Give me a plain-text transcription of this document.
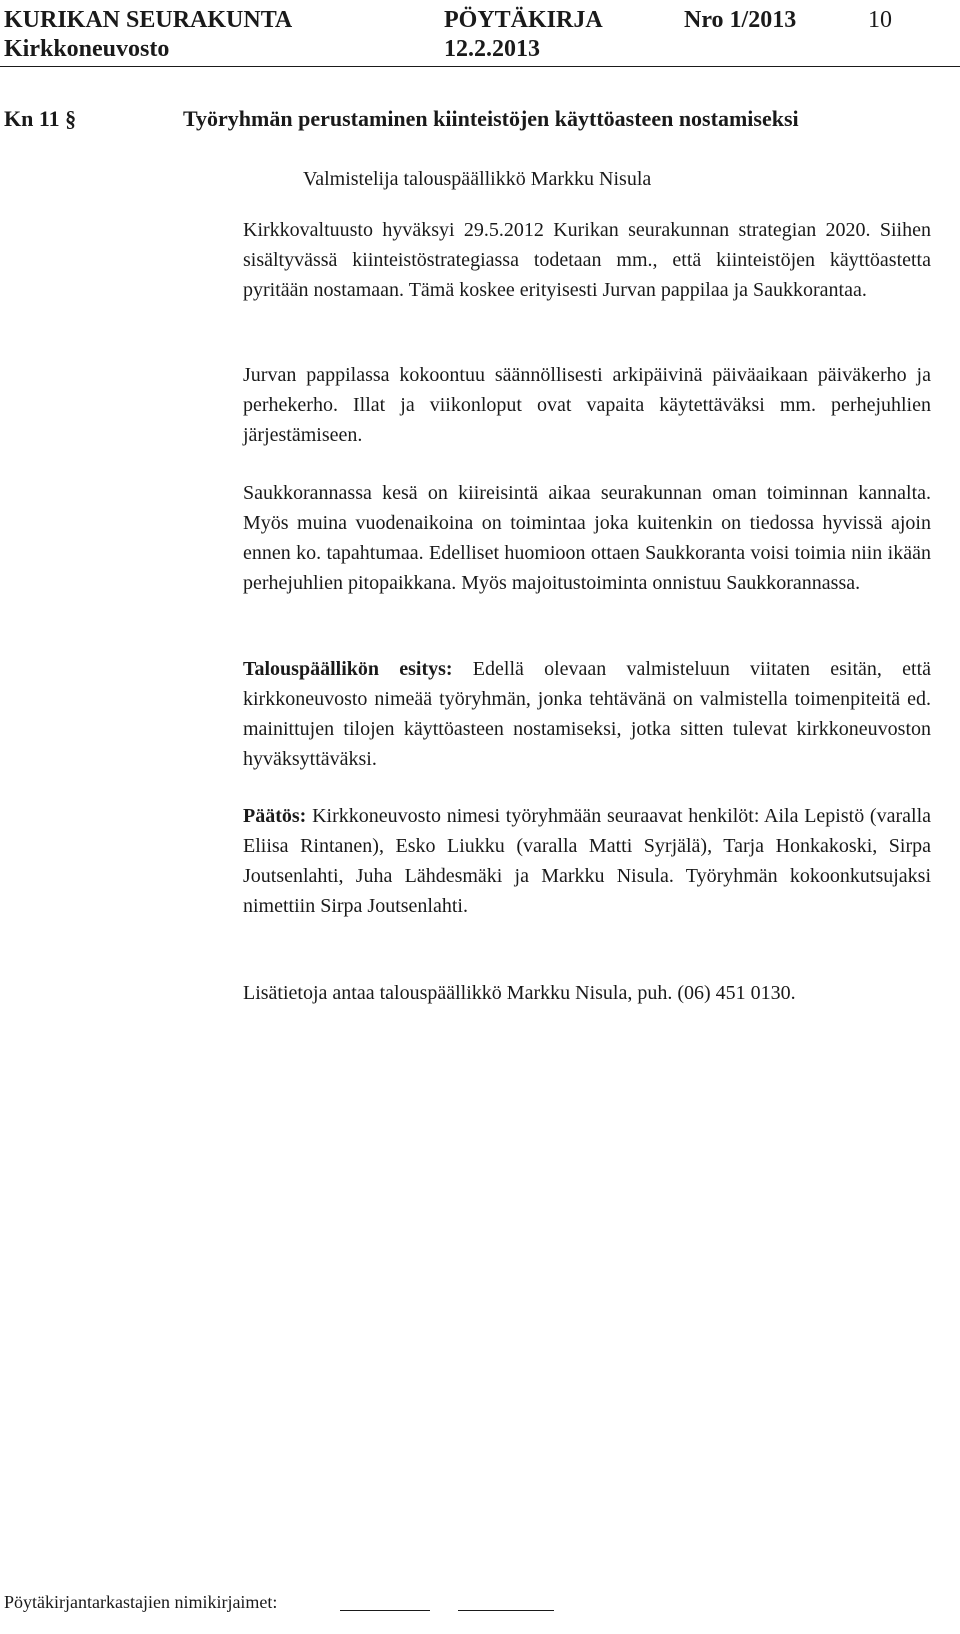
KURIKAN SEURAKUNTA	PÖYTÄKIRJA	Nro 1/2013	10
Kirkkoneuvosto	12.2.2013
Kn 11 §	Työryhmän perustaminen kiinteistöjen käyttöasteen nostamiseksi
Valmistelija talouspäällikkö Markku Nisula

Kirkkovaltuusto hyväksyi 29.5.2012 Kurikan seurakunnan strategian 2020. Siihen sisältyvässä kiinteistöstrategiassa todetaan mm., että kiinteistöjen käyttöastetta pyritään nostamaan. Tämä koskee erityisesti Jurvan pappilaa ja Saukkorantaa.

Jurvan pappilassa kokoontuu säännöllisesti arkipäivinä päiväaikaan päiväkerho ja perhekerho. Illat ja viikonloput ovat vapaita käytettäväksi mm. perhejuhlien järjestämiseen.

Saukkorannassa kesä on kiireisintä aikaa seurakunnan oman toiminnan kannalta. Myös muina vuodenaikoina on toimintaa joka kuitenkin on tiedossa hyvissä ajoin ennen ko. tapahtumaa. Edelliset huomioon ottaen Saukkoranta voisi toimia niin ikään perhejuhlien pitopaikkana. Myös majoitustoiminta onnistuu Saukkorannassa.

Talouspäällikön esitys: Edellä olevaan valmisteluun viitaten esitän, että kirkkoneuvosto nimeää työryhmän, jonka tehtävänä on valmistella toimenpiteitä ed. mainittujen tilojen käyttöasteen nostamiseksi, jotka sitten tulevat kirkkoneuvoston hyväksyttäväksi.

Päätös: Kirkkoneuvosto nimesi työryhmään seuraavat henkilöt: Aila Lepistö (varalla Eliisa Rintanen), Esko Liukku (varalla Matti Syrjälä), Tarja Honkakoski, Sirpa Joutsenlahti, Juha Lähdesmäki ja Markku Nisula. Työryhmän kokoonkutsujaksi nimettiin Sirpa Joutsenlahti.

Lisätietoja antaa talouspäällikkö Markku Nisula, puh. (06) 451 0130.

Pöytäkirjantarkastajien nimikirjaimet:
